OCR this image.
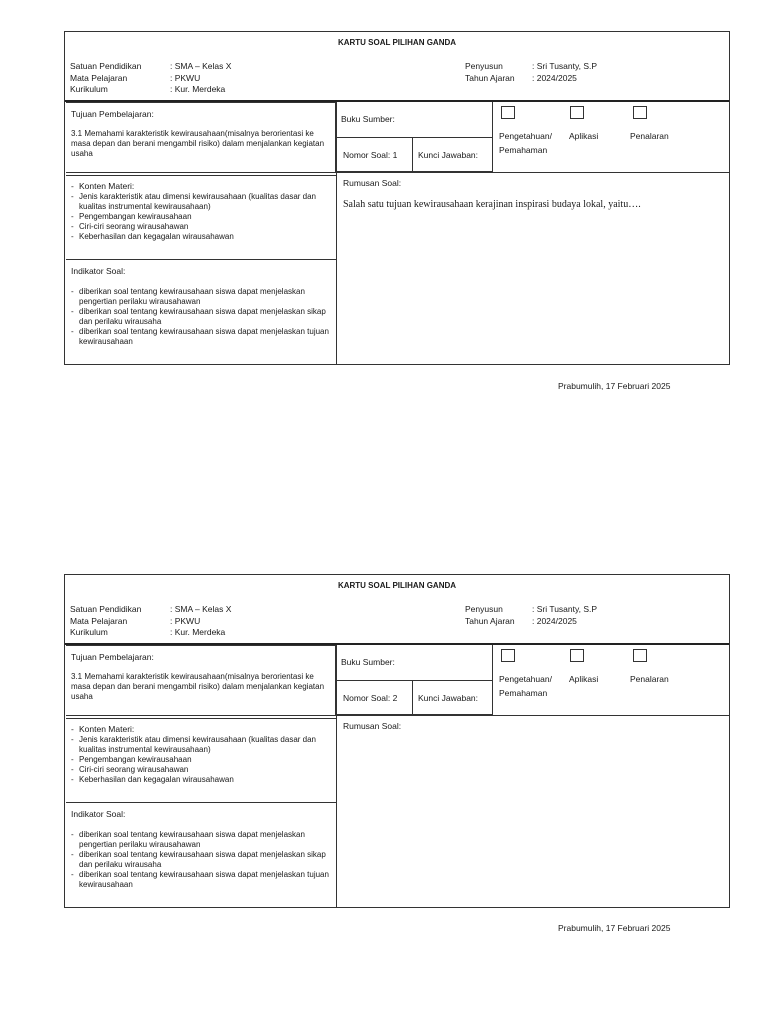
KARTU SOAL PILIHAN GANDA
Satuan Pendidikan	: SMA – Kelas X
Mata Pelajaran	: PKWU
Kurikulum	: Kur. Merdeka
Penyusun	: Sri Tusanty, S.P
Tahun Ajaran : 2024/2025
Tujuan Pembelajaran:
3.1 Memahami karakteristik kewirausahaan(misalnya berorientasi ke masa depan dan berani mengambil risiko) dalam menjalankan kegiatan usaha
Buku Sumber:
Nomor Soal: 1 Kunci Jawaban:
Pengetahuan/
Pemahaman
Aplikasi	Penalaran
- Konten Materi:
- Jenis karakteristik atau dimensi kewirausahaan (kualitas dasar dan kualitas instrumental kewirausahaan)
- Pengembangan kewirausahaan
- Ciri-ciri seorang wirausahawan
- Keberhasilan dan kegagalan wirausahawan
Indikator Soal:
- diberikan soal tentang kewirausahaan siswa dapat menjelaskan pengertian perilaku wirausahawan
- diberikan soal tentang kewirausahaan siswa dapat menjelaskan sikap dan perilaku wirausaha
- diberikan soal tentang kewirausahaan siswa dapat menjelaskan tujuan kewirausahaan
Rumusan Soal:
Salah satu tujuan kewirausahaan kerajinan inspirasi budaya lokal, yaitu….
Prabumulih, 17 Februari 2025
KARTU SOAL PILIHAN GANDA
Satuan Pendidikan	: SMA – Kelas X
Mata Pelajaran	: PKWU
Kurikulum	: Kur. Merdeka
Penyusun	: Sri Tusanty, S.P
Tahun Ajaran : 2024/2025
Tujuan Pembelajaran:
3.1 Memahami karakteristik kewirausahaan(misalnya berorientasi ke masa depan dan berani mengambil risiko) dalam menjalankan kegiatan usaha
Buku Sumber:
Nomor Soal: 2 Kunci Jawaban:
Pengetahuan/
Pemahaman
Aplikasi	Penalaran
- Konten Materi:
- Jenis karakteristik atau dimensi kewirausahaan (kualitas dasar dan kualitas instrumental kewirausahaan)
- Pengembangan kewirausahaan
- Ciri-ciri seorang wirausahawan
- Keberhasilan dan kegagalan wirausahawan
Indikator Soal:
- diberikan soal tentang kewirausahaan siswa dapat menjelaskan pengertian perilaku wirausahawan
- diberikan soal tentang kewirausahaan siswa dapat menjelaskan sikap dan perilaku wirausaha
- diberikan soal tentang kewirausahaan siswa dapat menjelaskan tujuan kewirausahaan
Rumusan Soal:
Prabumulih, 17 Februari 2025
